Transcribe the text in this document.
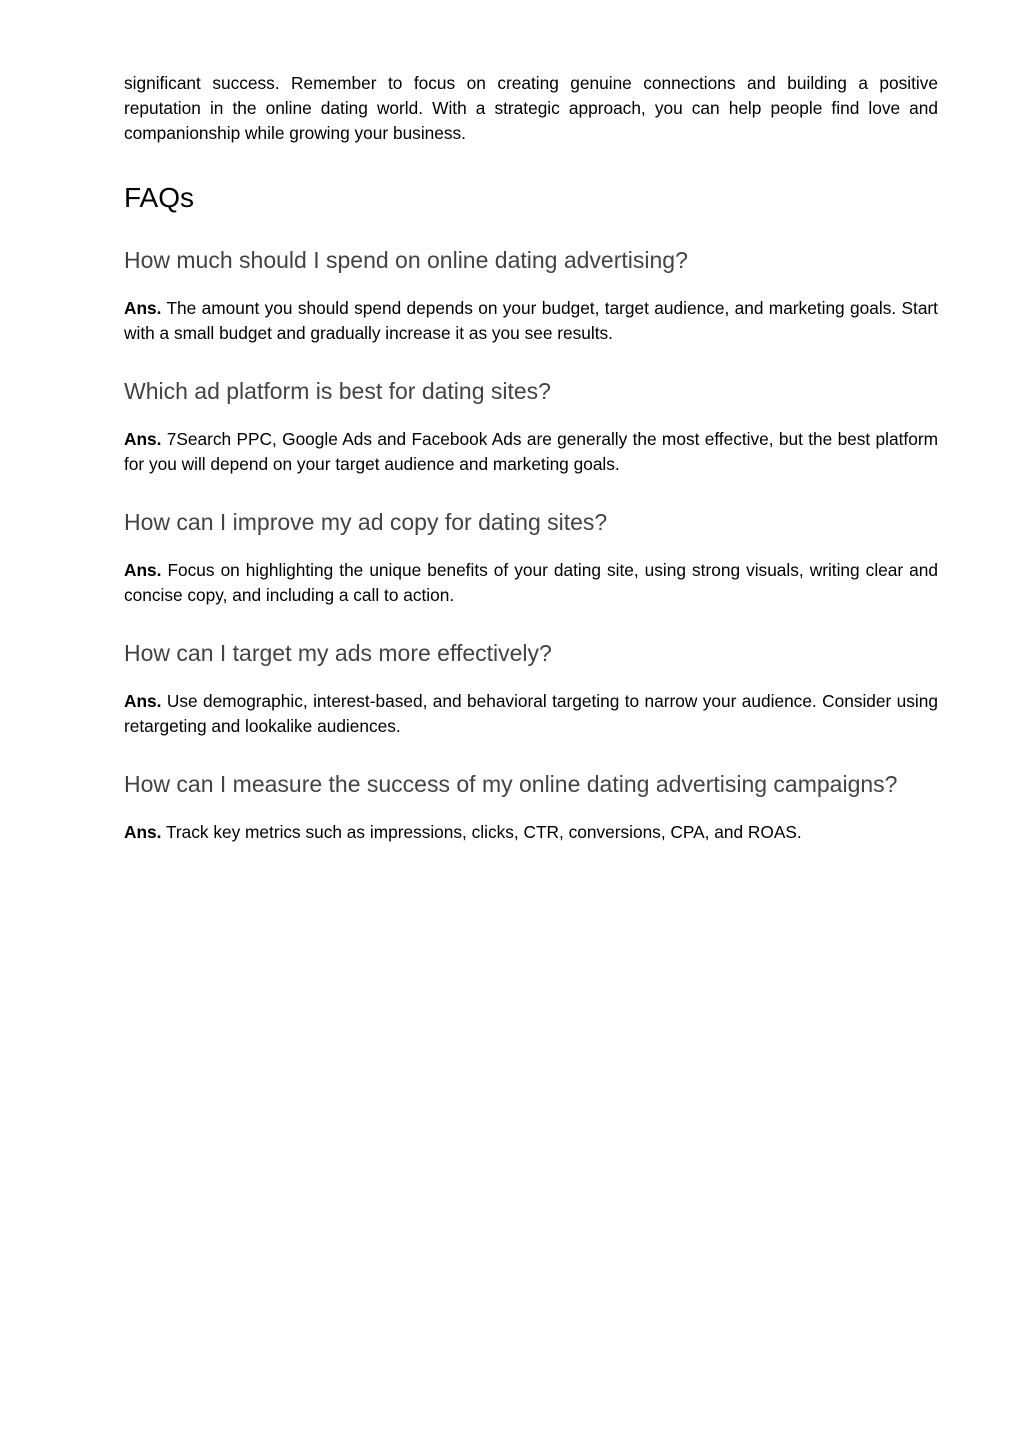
significant success. Remember to focus on creating genuine connections and building a positive reputation in the online dating world. With a strategic approach, you can help people find love and companionship while growing your business.

FAQs
How much should I spend on online dating advertising?

Ans. The amount you should spend depends on your budget, target audience, and marketing goals. Start with a small budget and gradually increase it as you see results.

Which ad platform is best for dating sites?

Ans. 7Search PPC, Google Ads and Facebook Ads are generally the most effective, but the best platform for you will depend on your target audience and marketing goals.

How can I improve my ad copy for dating sites?

Ans. Focus on highlighting the unique benefits of your dating site, using strong visuals, writing clear and concise copy, and including a call to action.

How can I target my ads more effectively?

Ans. Use demographic, interest-based, and behavioral targeting to narrow your audience. Consider using retargeting and lookalike audiences.

How can I measure the success of my online dating advertising campaigns?

Ans. Track key metrics such as impressions, clicks, CTR, conversions, CPA, and ROAS.
